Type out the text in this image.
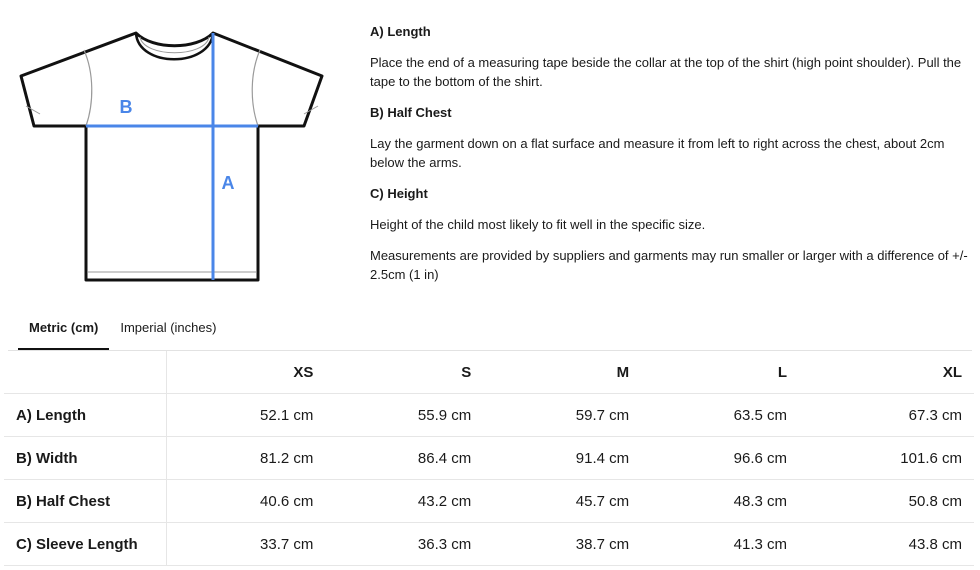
B
A

A) Length

Place the end of a measuring tape beside the collar at the top of the shirt (high point shoulder). Pull the tape to the bottom of the shirt.

B) Half Chest

Lay the garment down on a flat surface and measure it from left to right across the chest, about 2cm below the arms.

C) Height

Height of the child most likely to fit well in the specific size.

Measurements are provided by suppliers and garments may run smaller or larger with a difference of +/- 2.5cm (1 in)

Metric (cm)	Imperial (inches)
	XS	S	M	L	XL
A) Length	52.1 cm	55.9 cm	59.7 cm	63.5 cm	67.3 cm
B) Width	81.2 cm	86.4 cm	91.4 cm	96.6 cm	101.6 cm
B) Half Chest	40.6 cm	43.2 cm	45.7 cm	48.3 cm	50.8 cm
C) Sleeve Length	33.7 cm	36.3 cm	38.7 cm	41.3 cm	43.8 cm
